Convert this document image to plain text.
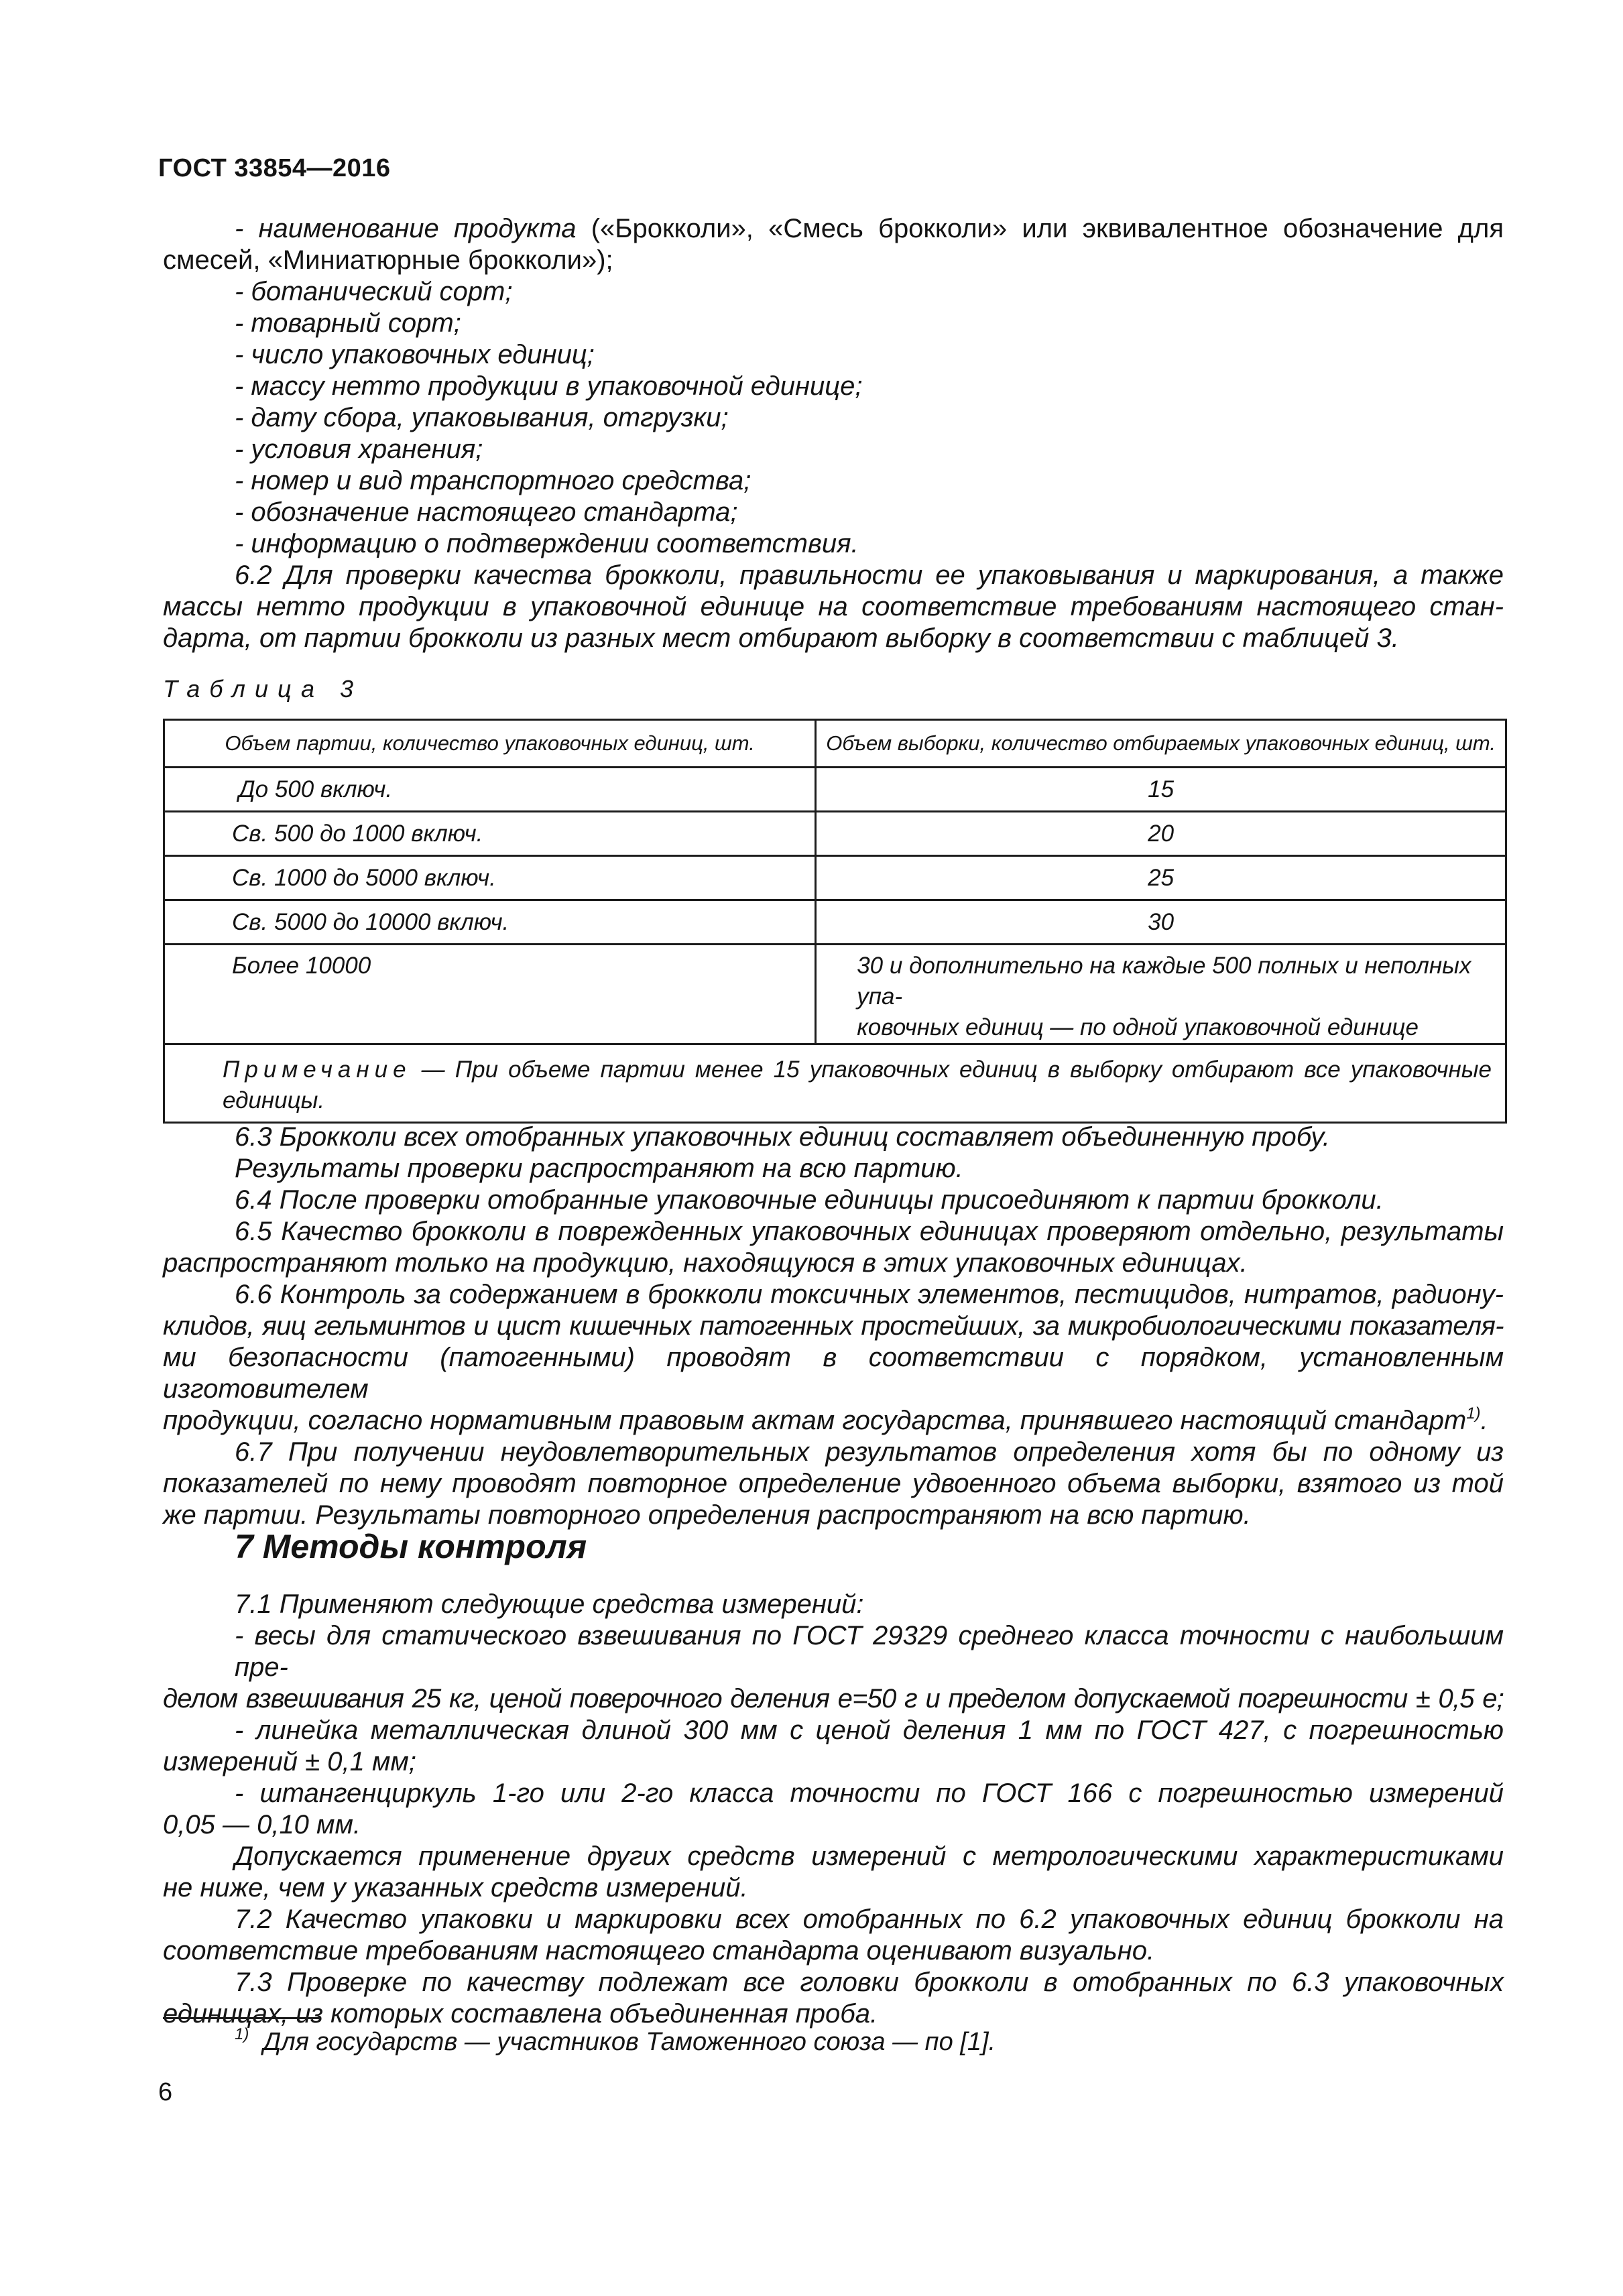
ГОСТ 33854—2016
- наименование продукта («Брокколи», «Смесь брокколи» или эквивалентное обозначение для
смесей, «Миниатюрные брокколи»);
- ботанический сорт;
- товарный сорт;
- число упаковочных единиц;
- массу нетто продукции в упаковочной единице;
- дату сбора, упаковывания, отгрузки;
- условия хранения;
- номер и вид транспортного средства;
- обозначение настоящего стандарта;
- информацию о подтверждении соответствия.
6.2 Для проверки качества брокколи, правильности ее упаковывания и маркирования, а также
массы нетто продукции в упаковочной единице на соответствие требованиям настоящего стан-
дарта, от партии брокколи из разных мест отбирают выборку в соответствии с таблицей 3.
Таблица 3
Объем партии, количество упаковочных единиц, шт.	Объем выборки, количество отбираемых упаковочных единиц, шт.
До 500 включ.	15
Св. 500 до 1000 включ.	20
Св. 1000 до 5000 включ.	25
Св. 5000 до 10000 включ.	30
Более 10000	30 и дополнительно на каждые 500 полных и неполных упа-
ковочных единиц — по одной упаковочной единице

Примечание — При объеме партии менее 15 упаковочных единиц в выборку отбирают все упаковочные единицы.	
6.3 Брокколи всех отобранных упаковочных единиц составляет объединенную пробу.
Результаты проверки распространяют на всю партию.
6.4 После проверки отобранные упаковочные единицы присоединяют к партии брокколи.
6.5 Качество брокколи в поврежденных упаковочных единицах проверяют отдельно, результаты
распространяют только на продукцию, находящуюся в этих упаковочных единицах.
6.6 Контроль за содержанием в брокколи токсичных элементов, пестицидов, нитратов, радиону-
клидов, яиц гельминтов и цист кишечных патогенных простейших, за микробиологическими показателя-
ми безопасности (патогенными) проводят в соответствии с порядком, установленным изготовителем
продукции, согласно нормативным правовым актам государства, принявшего настоящий стандарт$^{1)}$.
6.7 При получении неудовлетворительных результатов определения хотя бы по одному из
показателей по нему проводят повторное определение удвоенного объема выборки, взятого из той
же партии. Результаты повторного определения распространяют на всю партию.
7 Методы контроля
7.1 Применяют следующие средства измерений:
- весы для статического взвешивания по ГОСТ 29329 среднего класса точности с наибольшим пре-
делом взвешивания 25 кг, ценой поверочного деления е=50 г и пределом допускаемой погрешности ± 0,5 е;
- линейка металлическая длиной 300 мм с ценой деления 1 мм по ГОСТ 427, с погрешностью
измерений ± 0,1 мм;
- штангенциркуль 1-го или 2-го класса точности по ГОСТ 166 с погрешностью измерений
0,05 — 0,10 мм.
Допускается применение других средств измерений с метрологическими характеристиками
не ниже, чем у указанных средств измерений.
7.2 Качество упаковки и маркировки всех отобранных по 6.2 упаковочных единиц брокколи на
соответствие требованиям настоящего стандарта оценивают визуально.
7.3 Проверке по качеству подлежат все головки брокколи в отобранных по 6.3 упаковочных
единицах, из которых составлена объединенная проба.
$^{1)}$ Для государств — участников Таможенного союза — по [1].
6
